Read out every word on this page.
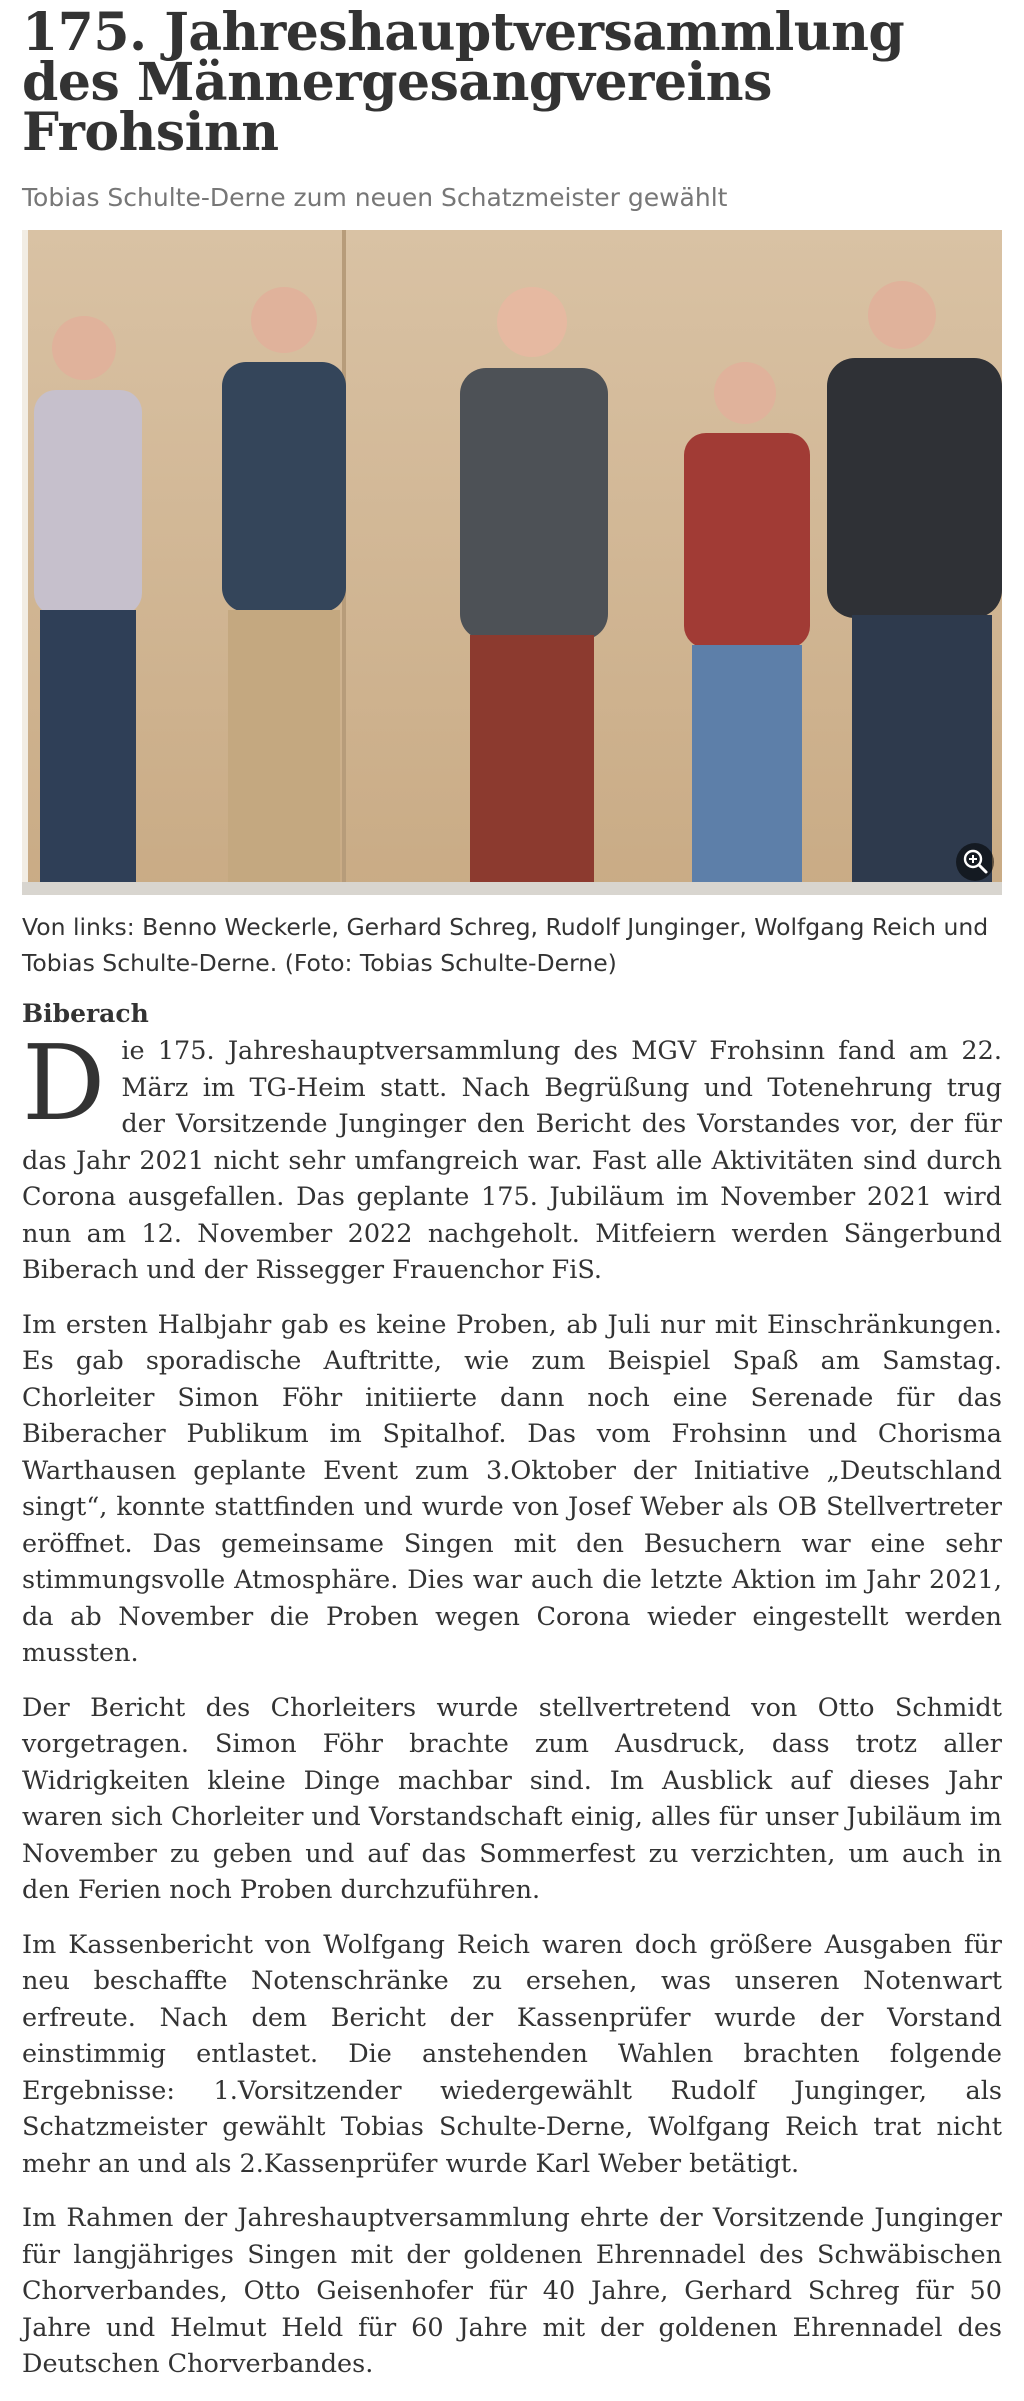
175. Jahreshauptversammlung des Männergesangvereins Frohsinn

Tobias Schulte-Derne zum neuen Schatzmeister gewählt

Von links: Benno Weckerle, Gerhard Schreg, Rudolf Junginger, Wolfgang Reich und Tobias Schulte-Derne. (Foto: Tobias Schulte-Derne)

Biberach

Die 175. Jahreshauptversammlung des MGV Frohsinn fand am 22. März im TG-Heim statt. Nach Begrüßung und Totenehrung trug der Vorsitzende Junginger den Bericht des Vorstandes vor, der für das Jahr 2021 nicht sehr umfangreich war. Fast alle Aktivitäten sind durch Corona ausgefallen. Das geplante 175. Jubiläum im November 2021 wird nun am 12. November 2022 nachgeholt. Mitfeiern werden Sängerbund Biberach und der Rissegger Frauenchor FiS.

Im ersten Halbjahr gab es keine Proben, ab Juli nur mit Einschränkungen. Es gab sporadische Auftritte, wie zum Beispiel Spaß am Samstag. Chorleiter Simon Föhr initiierte dann noch eine Serenade für das Biberacher Publikum im Spitalhof. Das vom Frohsinn und Chorisma Warthausen geplante Event zum 3.Oktober der Initiative „Deutschland singt“, konnte stattfinden und wurde von Josef Weber als OB Stellvertreter eröffnet. Das gemeinsame Singen mit den Besuchern war eine sehr stimmungsvolle Atmosphäre. Dies war auch die letzte Aktion im Jahr 2021, da ab November die Proben wegen Corona wieder eingestellt werden mussten.

Der Bericht des Chorleiters wurde stellvertretend von Otto Schmidt vorgetragen. Simon Föhr brachte zum Ausdruck, dass trotz aller Widrigkeiten kleine Dinge machbar sind. Im Ausblick auf dieses Jahr waren sich Chorleiter und Vorstandschaft einig, alles für unser Jubiläum im November zu geben und auf das Sommerfest zu verzichten, um auch in den Ferien noch Proben durchzuführen.

Im Kassenbericht von Wolfgang Reich waren doch größere Ausgaben für neu beschaffte Notenschränke zu ersehen, was unseren Notenwart erfreute. Nach dem Bericht der Kassenprüfer wurde der Vorstand einstimmig entlastet. Die anstehenden Wahlen brachten folgende Ergebnisse: 1.Vorsitzender wiedergewählt Rudolf Junginger, als Schatzmeister gewählt Tobias Schulte-Derne, Wolfgang Reich trat nicht mehr an und als 2.Kassenprüfer wurde Karl Weber betätigt.

Im Rahmen der Jahreshauptversammlung ehrte der Vorsitzende Junginger für langjähriges Singen mit der goldenen Ehrennadel des Schwäbischen Chorverbandes, Otto Geisenhofer für 40 Jahre, Gerhard Schreg für 50 Jahre und Helmut Held für 60 Jahre mit der goldenen Ehrennadel des Deutschen Chorverbandes.
